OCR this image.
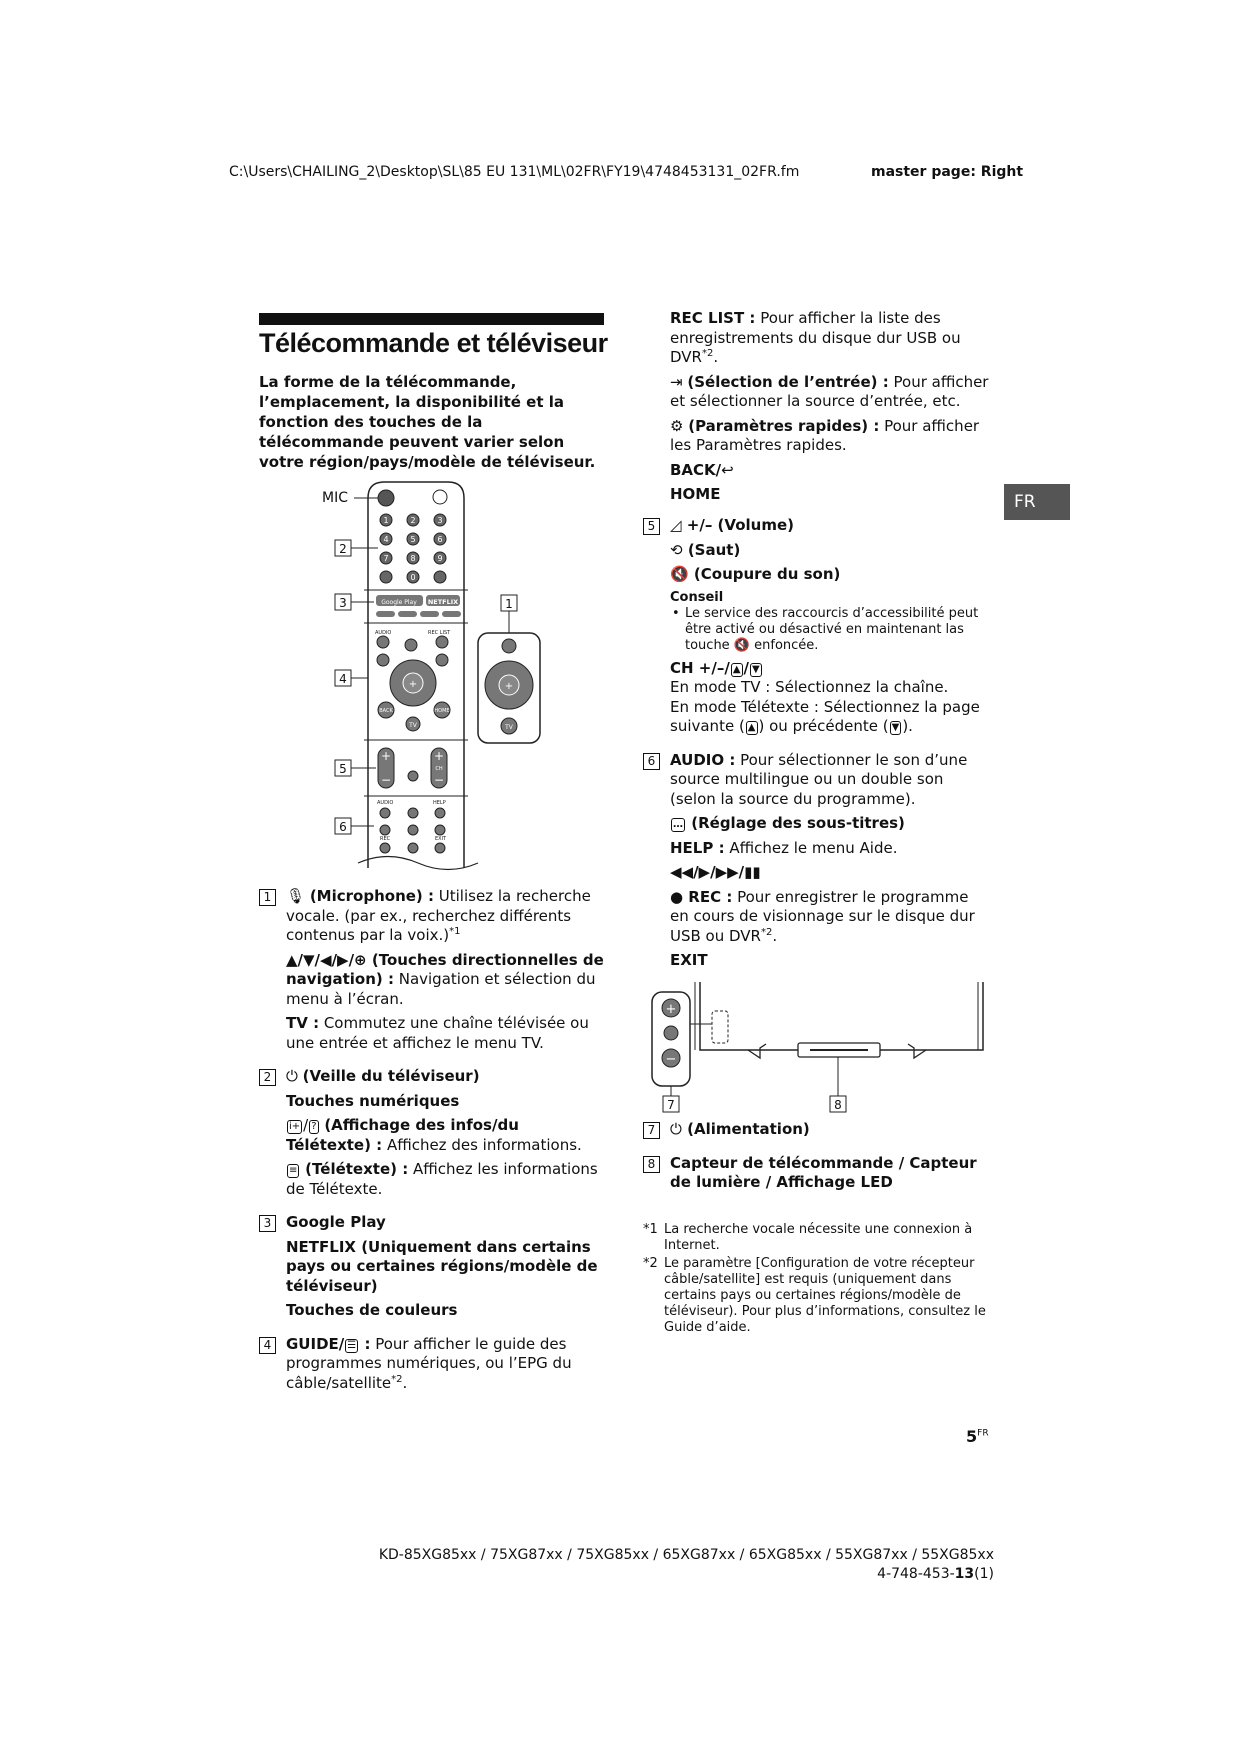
C:\Users\CHAILING_2\Desktop\SL\85 EU 131\ML\02FR\FY19\4748453131_02FR.fm	master page: Right
Télécommande et téléviseur
La forme de la télécommande, l’emplacement, la disponibilité et la fonction des touches de la télécommande peuvent varier selon votre région/pays/modèle de téléviseur.
FR
MIC
1	2	3
4	5	6
7	8	9
0
Google Play NETFLIX
AUDIO	REC LIST
+
BACK	HOME
TV
+
−
+
CH
−
AUDIO	HELP
REC	EXIT
+
TV
2
3	1
4
5
6
1 🎙 (Microphone) : Utilisez la recherche vocale. (par ex., recherchez différents contenus par la voix.)$^{*1}$
▲/▼/◀/▶/⊕ (Touches directionnelles de navigation) : Navigation et sélection du menu à l’écran.
TV : Commutez une chaîne télévisée ou une entrée et affichez le menu TV.
2 ⏻ (Veille du téléviseur)
Touches numériques
i+ / ? (Affichage des infos/du Télétexte) : Affichez des informations.
≡ (Télétexte) : Affichez les informations de Télétexte.
3 Google Play
NETFLIX (Uniquement dans certains pays ou certaines régions/modèle de téléviseur)
Touches de couleurs
4 GUIDE/ ☰ : Pour afficher le guide des programmes numériques, ou l’EPG du câble/satellite$^{*2}$.
REC LIST : Pour afficher la liste des enregistrements du disque dur USB ou DVR$^{*2}$.
⇥ (Sélection de l’entrée) : Pour afficher et sélectionner la source d’entrée, etc.
⚙ (Paramètres rapides) : Pour afficher les Paramètres rapides.
BACK/↩
HOME
5 ◿ +/– (Volume)
⟲ (Saut)
🔇 (Coupure du son)
Conseil
• Le service des raccourcis d’accessibilité peut être activé ou désactivé en maintenant las touche 🔇 enfoncée.
CH +/–/ ▲ / ▼
En mode TV : Sélectionnez la chaîne.
En mode Télétexte : Sélectionnez la page suivante ( ▲ ) ou précédente ( ▼ ).
6 AUDIO : Pour sélectionner le son d’une source multilingue ou un double son (selon la source du programme).
… (Réglage des sous-titres)
HELP : Affichez le menu Aide.
◀◀/▶/▶▶/▮▮
● REC : Pour enregistrer le programme en cours de visionnage sur le disque dur USB ou DVR$^{*2}$.
EXIT
+
−
7	8
7 ⏻ (Alimentation)
8 Capteur de télécommande / Capteur de lumière / Affichage LED
*1 La recherche vocale nécessite une connexion à Internet.
*2 Le paramètre [Configuration de votre récepteur câble/satellite] est requis (uniquement dans certains pays ou certaines régions/modèle de téléviseur). Pour plus d’informations, consultez le Guide d’aide.
$5^{FR}$
KD-85XG85xx / 75XG87xx / 75XG85xx / 65XG87xx / 65XG85xx / 55XG87xx / 55XG85xx
4-748-453-13(1)
